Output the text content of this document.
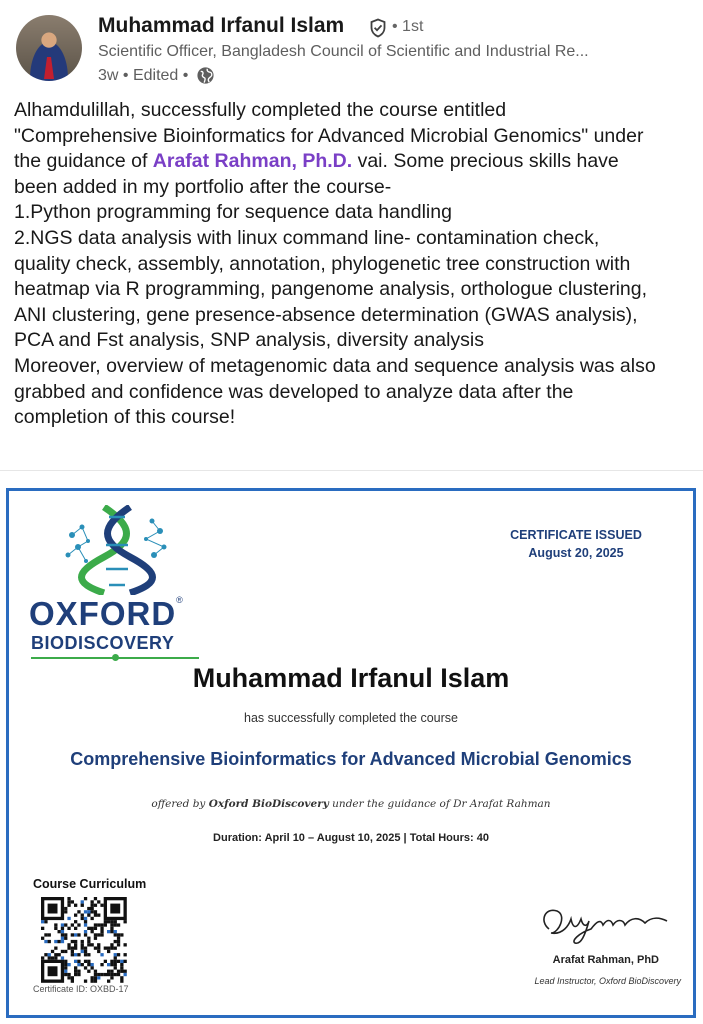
Muhammad Irfanul Islam	• 1st
Scientific Officer, Bangladesh Council of Scientific and Industrial Re...
3w • Edited •
Alhamdulillah, successfully completed the course entitled
"Comprehensive Bioinformatics for Advanced Microbial Genomics" under
the guidance of Arafat Rahman, Ph.D. vai. Some precious skills have
been added in my portfolio after the course-
1.Python programming for sequence data handling
2.NGS data analysis with linux command line- contamination check,
quality check, assembly, annotation, phylogenetic tree construction with
heatmap via R programming, pangenome analysis, orthologue clustering,
ANI clustering, gene presence-absence determination (GWAS analysis),
PCA and Fst analysis, SNP analysis, diversity analysis
Moreover, overview of metagenomic data and sequence analysis was also
grabbed and confidence was developed to analyze data after the
completion of this course!
OXFORD®
BIODISCOVERY
CERTIFICATE ISSUED
August 20, 2025
Muhammad Irfanul Islam
has successfully completed the course
Comprehensive Bioinformatics for Advanced Microbial Genomics
offered by Oxford BioDiscovery under the guidance of Dr Arafat Rahman
Duration: April 10 – August 10, 2025 | Total Hours: 40
Course Curriculum
Certificate ID: OXBD-17
Arafat Rahman, PhD
Lead Instructor, Oxford BioDiscovery
